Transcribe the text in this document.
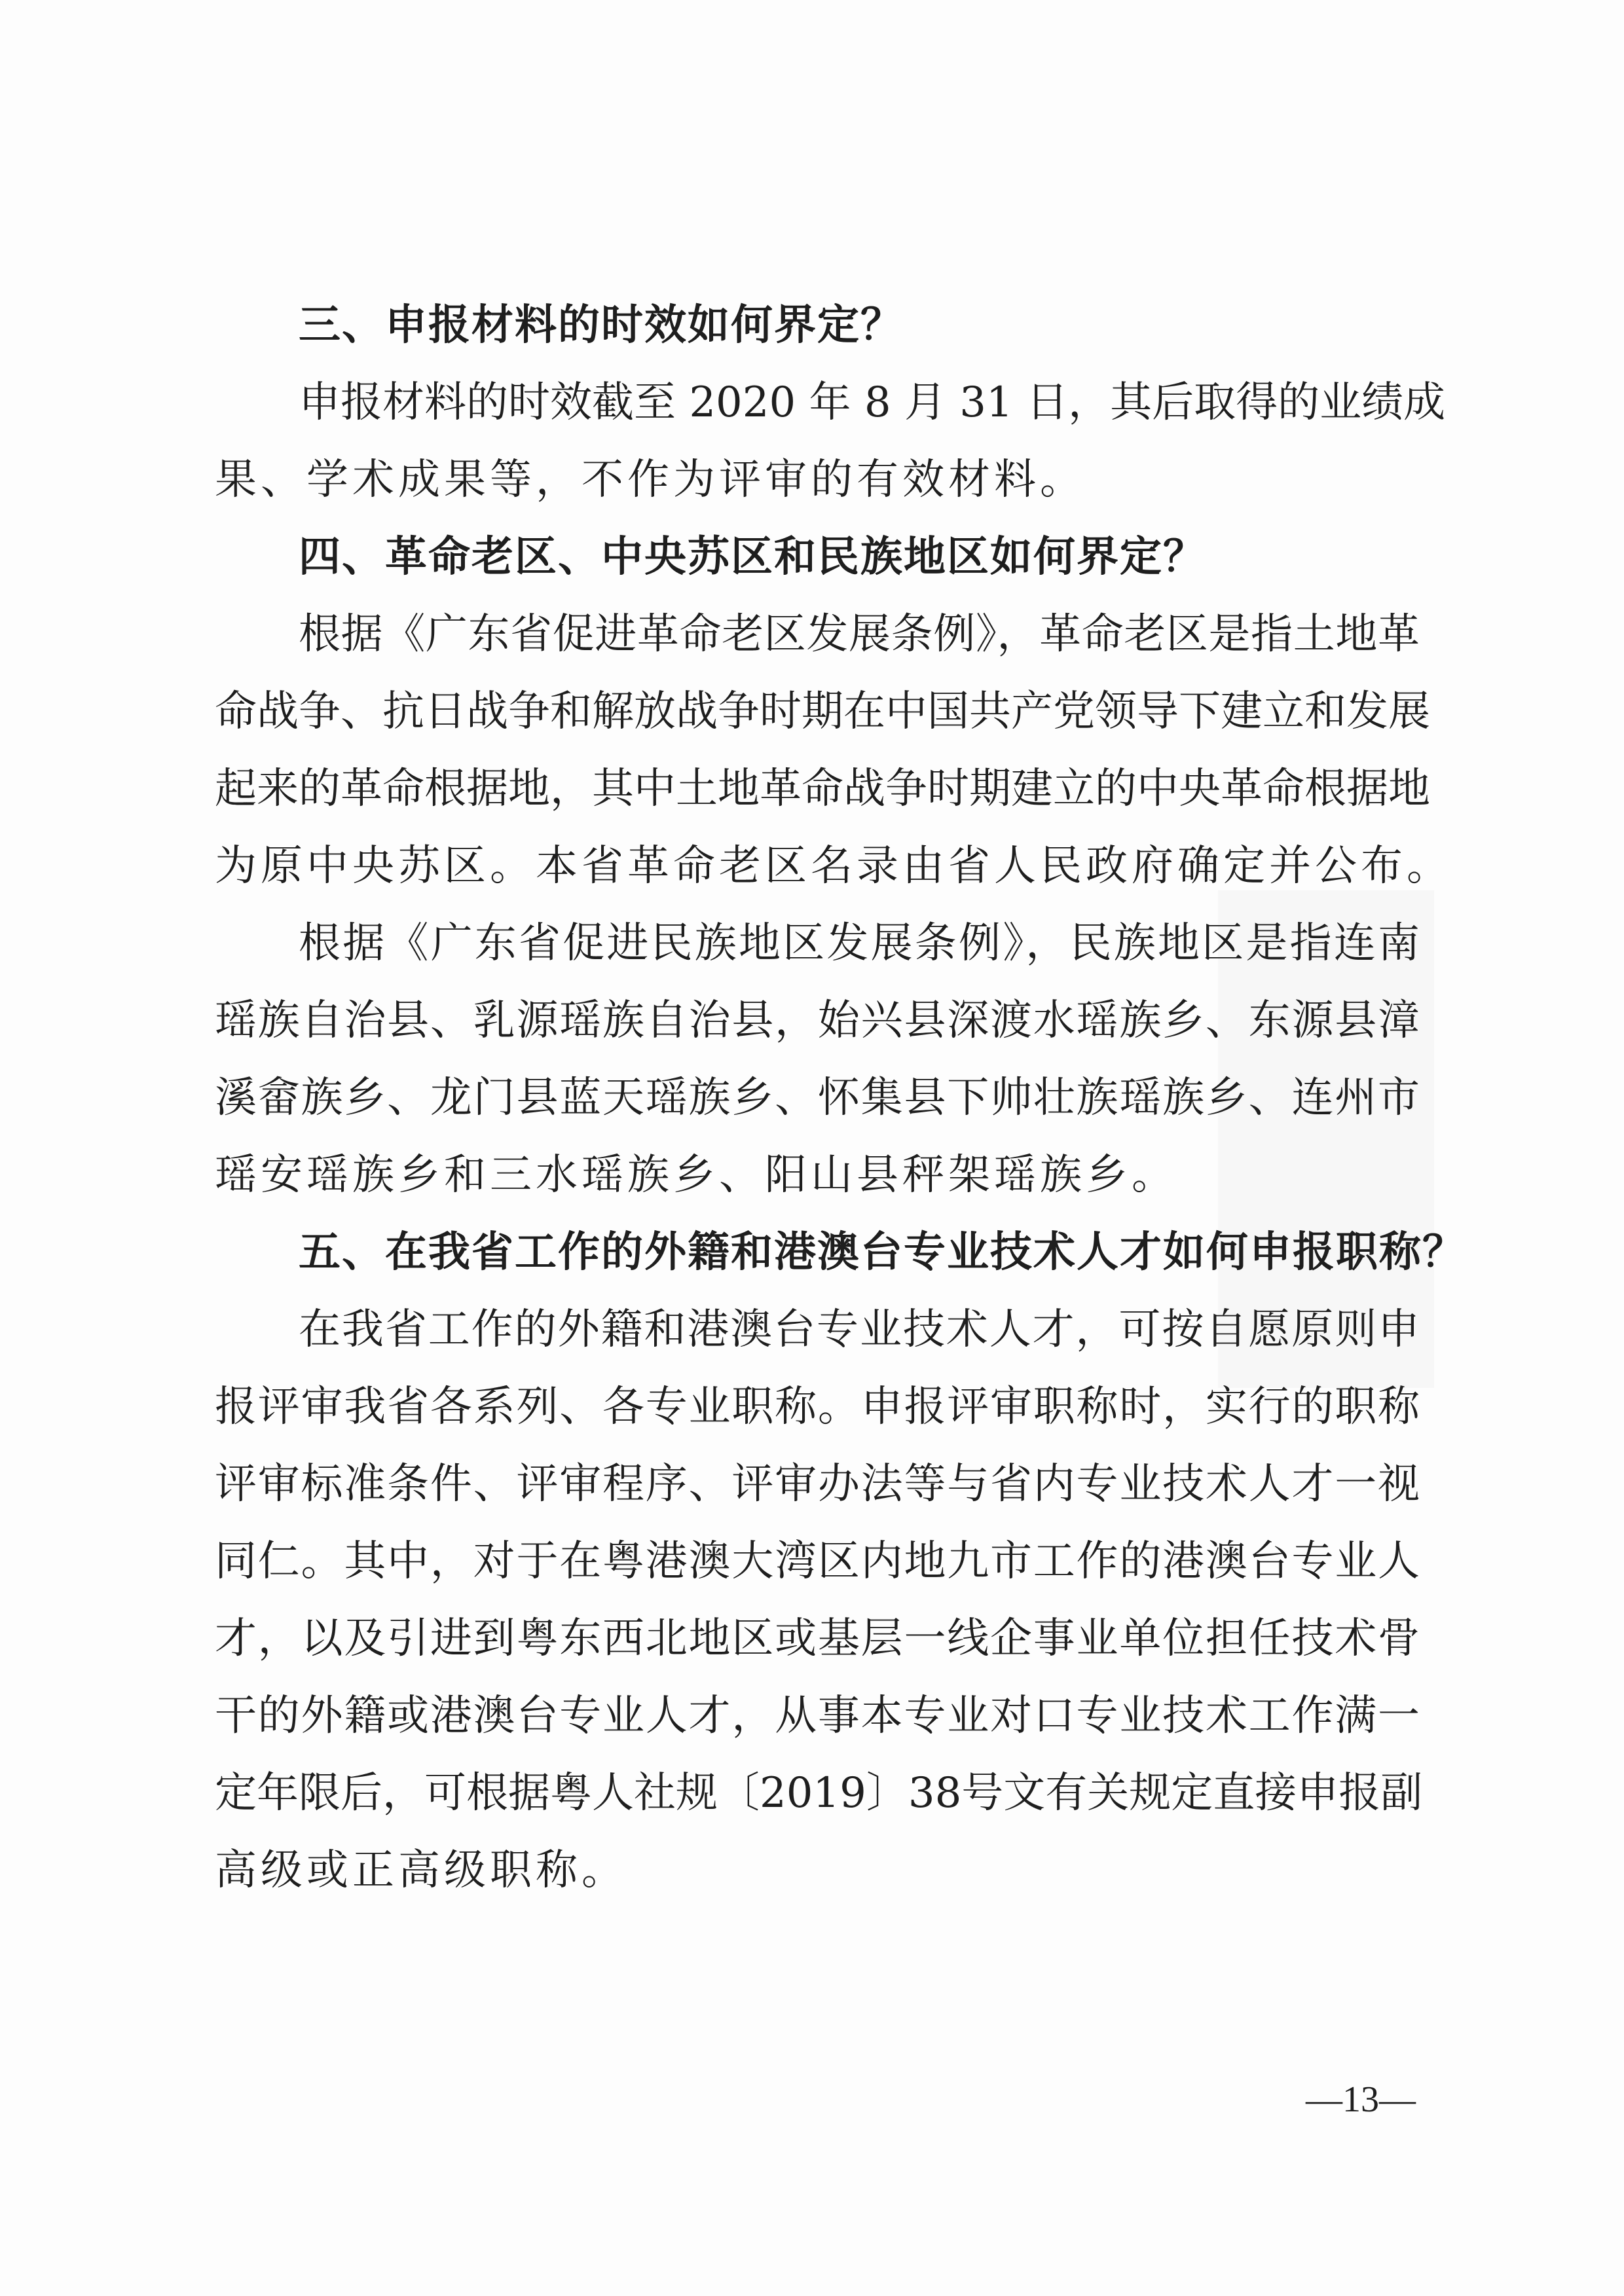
三、申报材料的时效如何界定？
申报材料的时效截至 2020 年 8 月 31 日，其后取得的业绩成
果、学术成果等，不作为评审的有效材料。
四、革命老区、中央苏区和民族地区如何界定？
根据《广东省促进革命老区发展条例》，革命老区是指土地革
命战争、抗日战争和解放战争时期在中国共产党领导下建立和发展
起来的革命根据地，其中土地革命战争时期建立的中央革命根据地
为原中央苏区。本省革命老区名录由省人民政府确定并公布。
根据《广东省促进民族地区发展条例》，民族地区是指连南
瑶族自治县、乳源瑶族自治县，始兴县深渡水瑶族乡、东源县漳
溪畲族乡、龙门县蓝天瑶族乡、怀集县下帅壮族瑶族乡、连州市
瑶安瑶族乡和三水瑶族乡、阳山县秤架瑶族乡。
五、在我省工作的外籍和港澳台专业技术人才如何申报职称？
在我省工作的外籍和港澳台专业技术人才，可按自愿原则申
报评审我省各系列、各专业职称。申报评审职称时，实行的职称
评审标准条件、评审程序、评审办法等与省内专业技术人才一视
同仁。其中，对于在粤港澳大湾区内地九市工作的港澳台专业人
才，以及引进到粤东西北地区或基层一线企事业单位担任技术骨
干的外籍或港澳台专业人才，从事本专业对口专业技术工作满一
定年限后，可根据粤人社规〔2019〕38号文有关规定直接申报副
高级或正高级职称。
—13—
